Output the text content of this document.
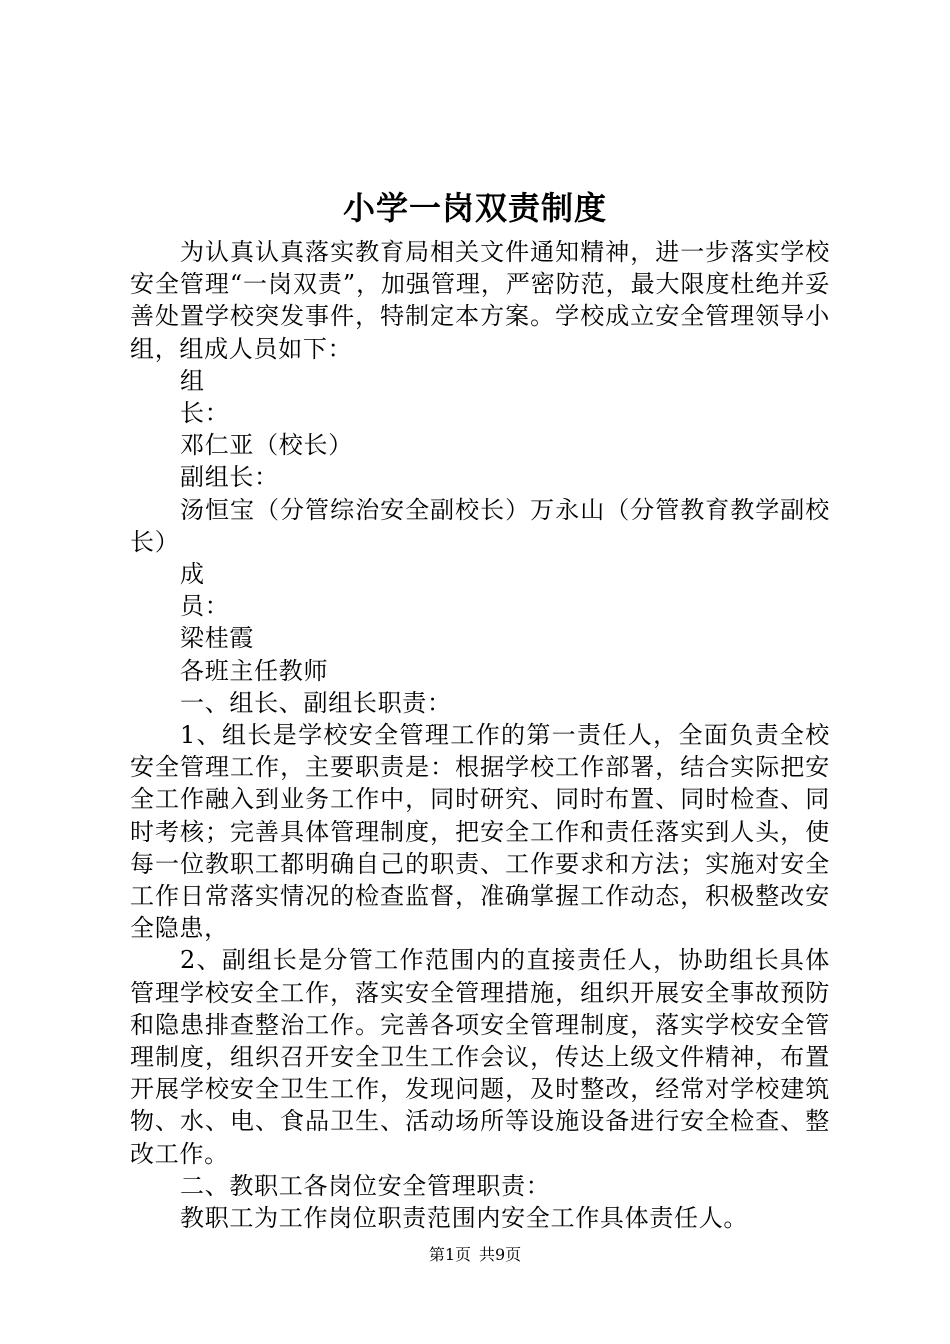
小学一岗双责制度

为认真认真落实教育局相关文件通知精神，进一步落实学校安全管理“一岗双责”，加强管理，严密防范，最大限度杜绝并妥善处置学校突发事件，特制定本方案。学校成立安全管理领导小组，组成人员如下：

组

长：

邓仁亚（校长）

副组长：

汤恒宝（分管综治安全副校长）万永山（分管教育教学副校长）

成

员：

梁桂霞

各班主任教师

一、组长、副组长职责：

1、组长是学校安全管理工作的第一责任人，全面负责全校安全管理工作，主要职责是：根据学校工作部署，结合实际把安全工作融入到业务工作中，同时研究、同时布置、同时检查、同时考核；完善具体管理制度，把安全工作和责任落实到人头，使每一位教职工都明确自己的职责、工作要求和方法；实施对安全工作日常落实情况的检查监督，准确掌握工作动态，积极整改安全隐患，

2、副组长是分管工作范围内的直接责任人，协助组长具体管理学校安全工作，落实安全管理措施，组织开展安全事故预防和隐患排查整治工作。完善各项安全管理制度，落实学校安全管理制度，组织召开安全卫生工作会议，传达上级文件精神，布置开展学校安全卫生工作，发现问题，及时整改，经常对学校建筑物、水、电、食品卫生、活动场所等设施设备进行安全检查、整改工作。

二、教职工各岗位安全管理职责：

教职工为工作岗位职责范围内安全工作具体责任人。

第1页 共9页
